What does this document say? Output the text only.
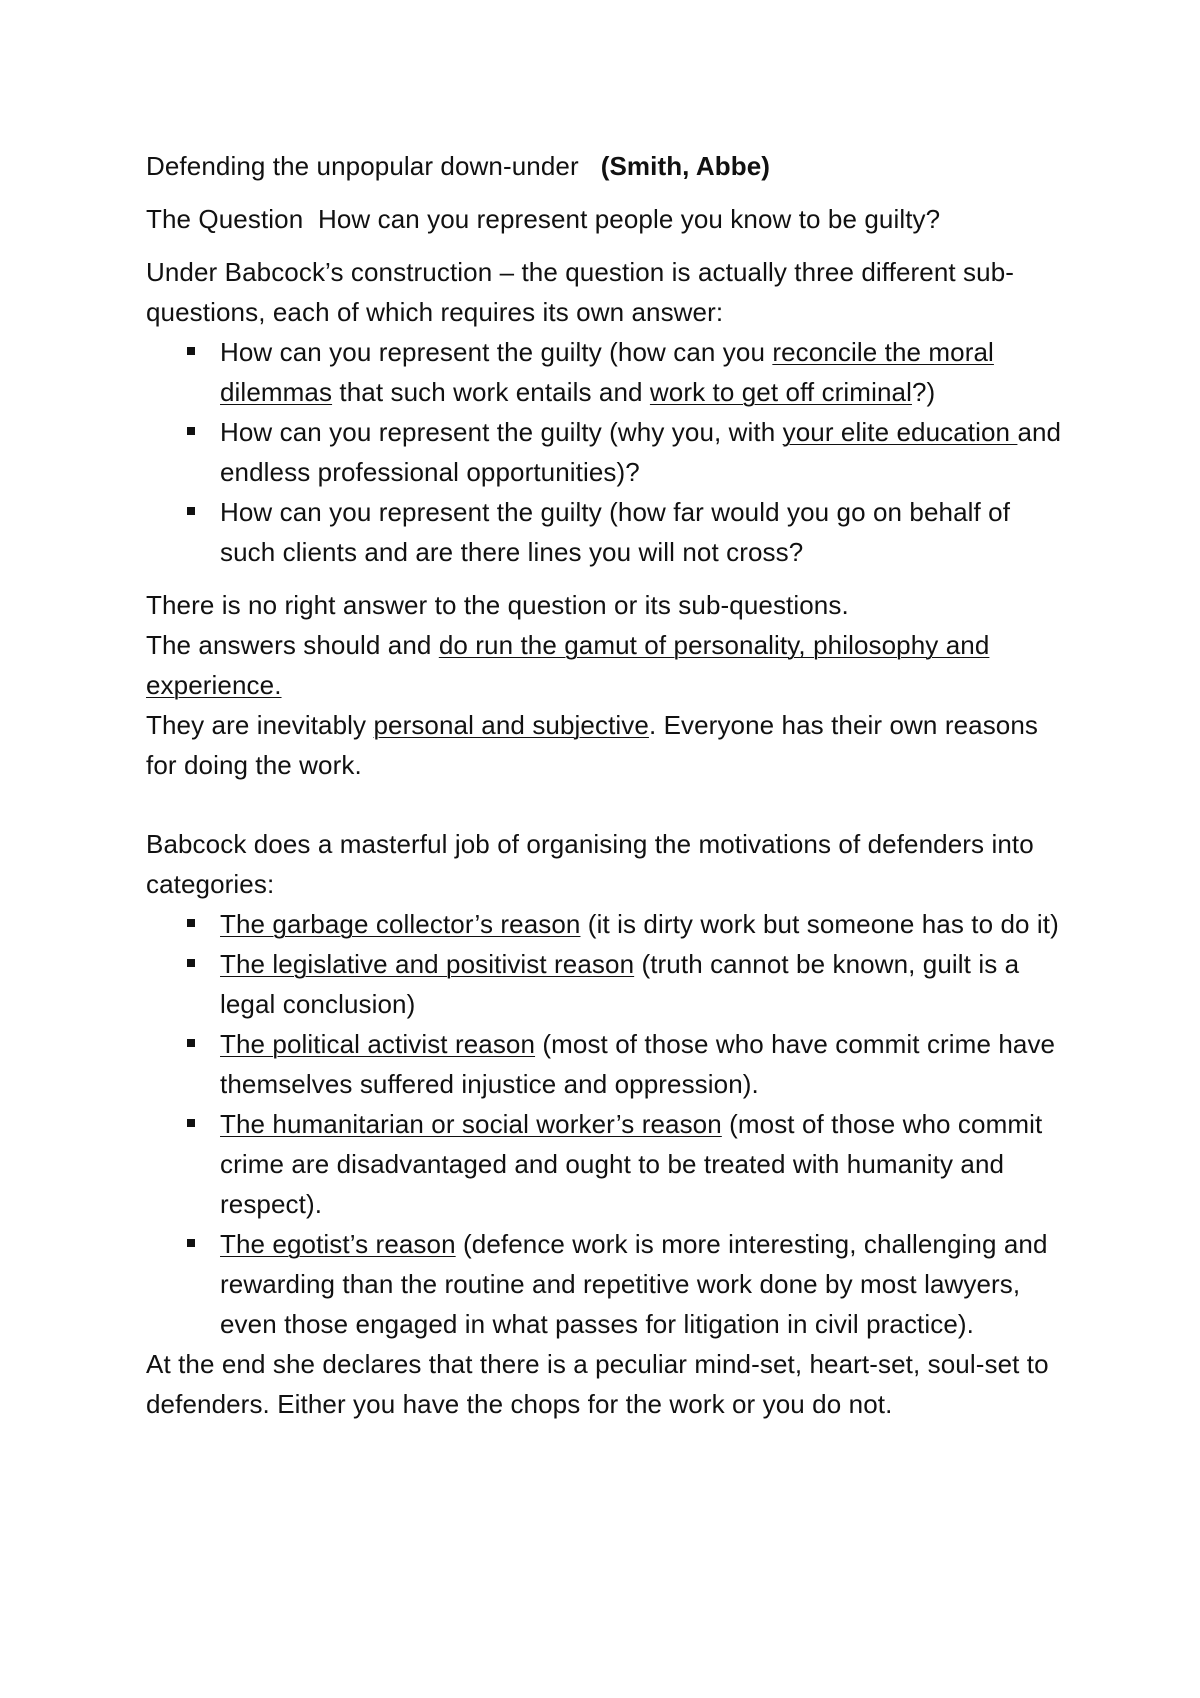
Defending the unpopular down-under (Smith, Abbe)

The Question How can you represent people you know to be guilty?

Under Babcock’s construction – the question is actually three different sub-questions, each of which requires its own answer:

How can you represent the guilty (how can you reconcile the moral dilemmas that such work entails and work to get off criminal?)
How can you represent the guilty (why you, with your elite education and endless professional opportunities)?
How can you represent the guilty (how far would you go on behalf of such clients and are there lines you will not cross?

There is no right answer to the question or its sub-questions.

The answers should and do run the gamut of personality, philosophy and experience.

They are inevitably personal and subjective. Everyone has their own reasons for doing the work.

Babcock does a masterful job of organising the motivations of defenders into categories:

The garbage collector’s reason (it is dirty work but someone has to do it)
The legislative and positivist reason (truth cannot be known, guilt is a legal conclusion)
The political activist reason (most of those who have commit crime have themselves suffered injustice and oppression).
The humanitarian or social worker’s reason (most of those who commit crime are disadvantaged and ought to be treated with humanity and respect).
The egotist’s reason (defence work is more interesting, challenging and rewarding than the routine and repetitive work done by most lawyers, even those engaged in what passes for litigation in civil practice).

At the end she declares that there is a peculiar mind-set, heart-set, soul-set to defenders. Either you have the chops for the work or you do not.
